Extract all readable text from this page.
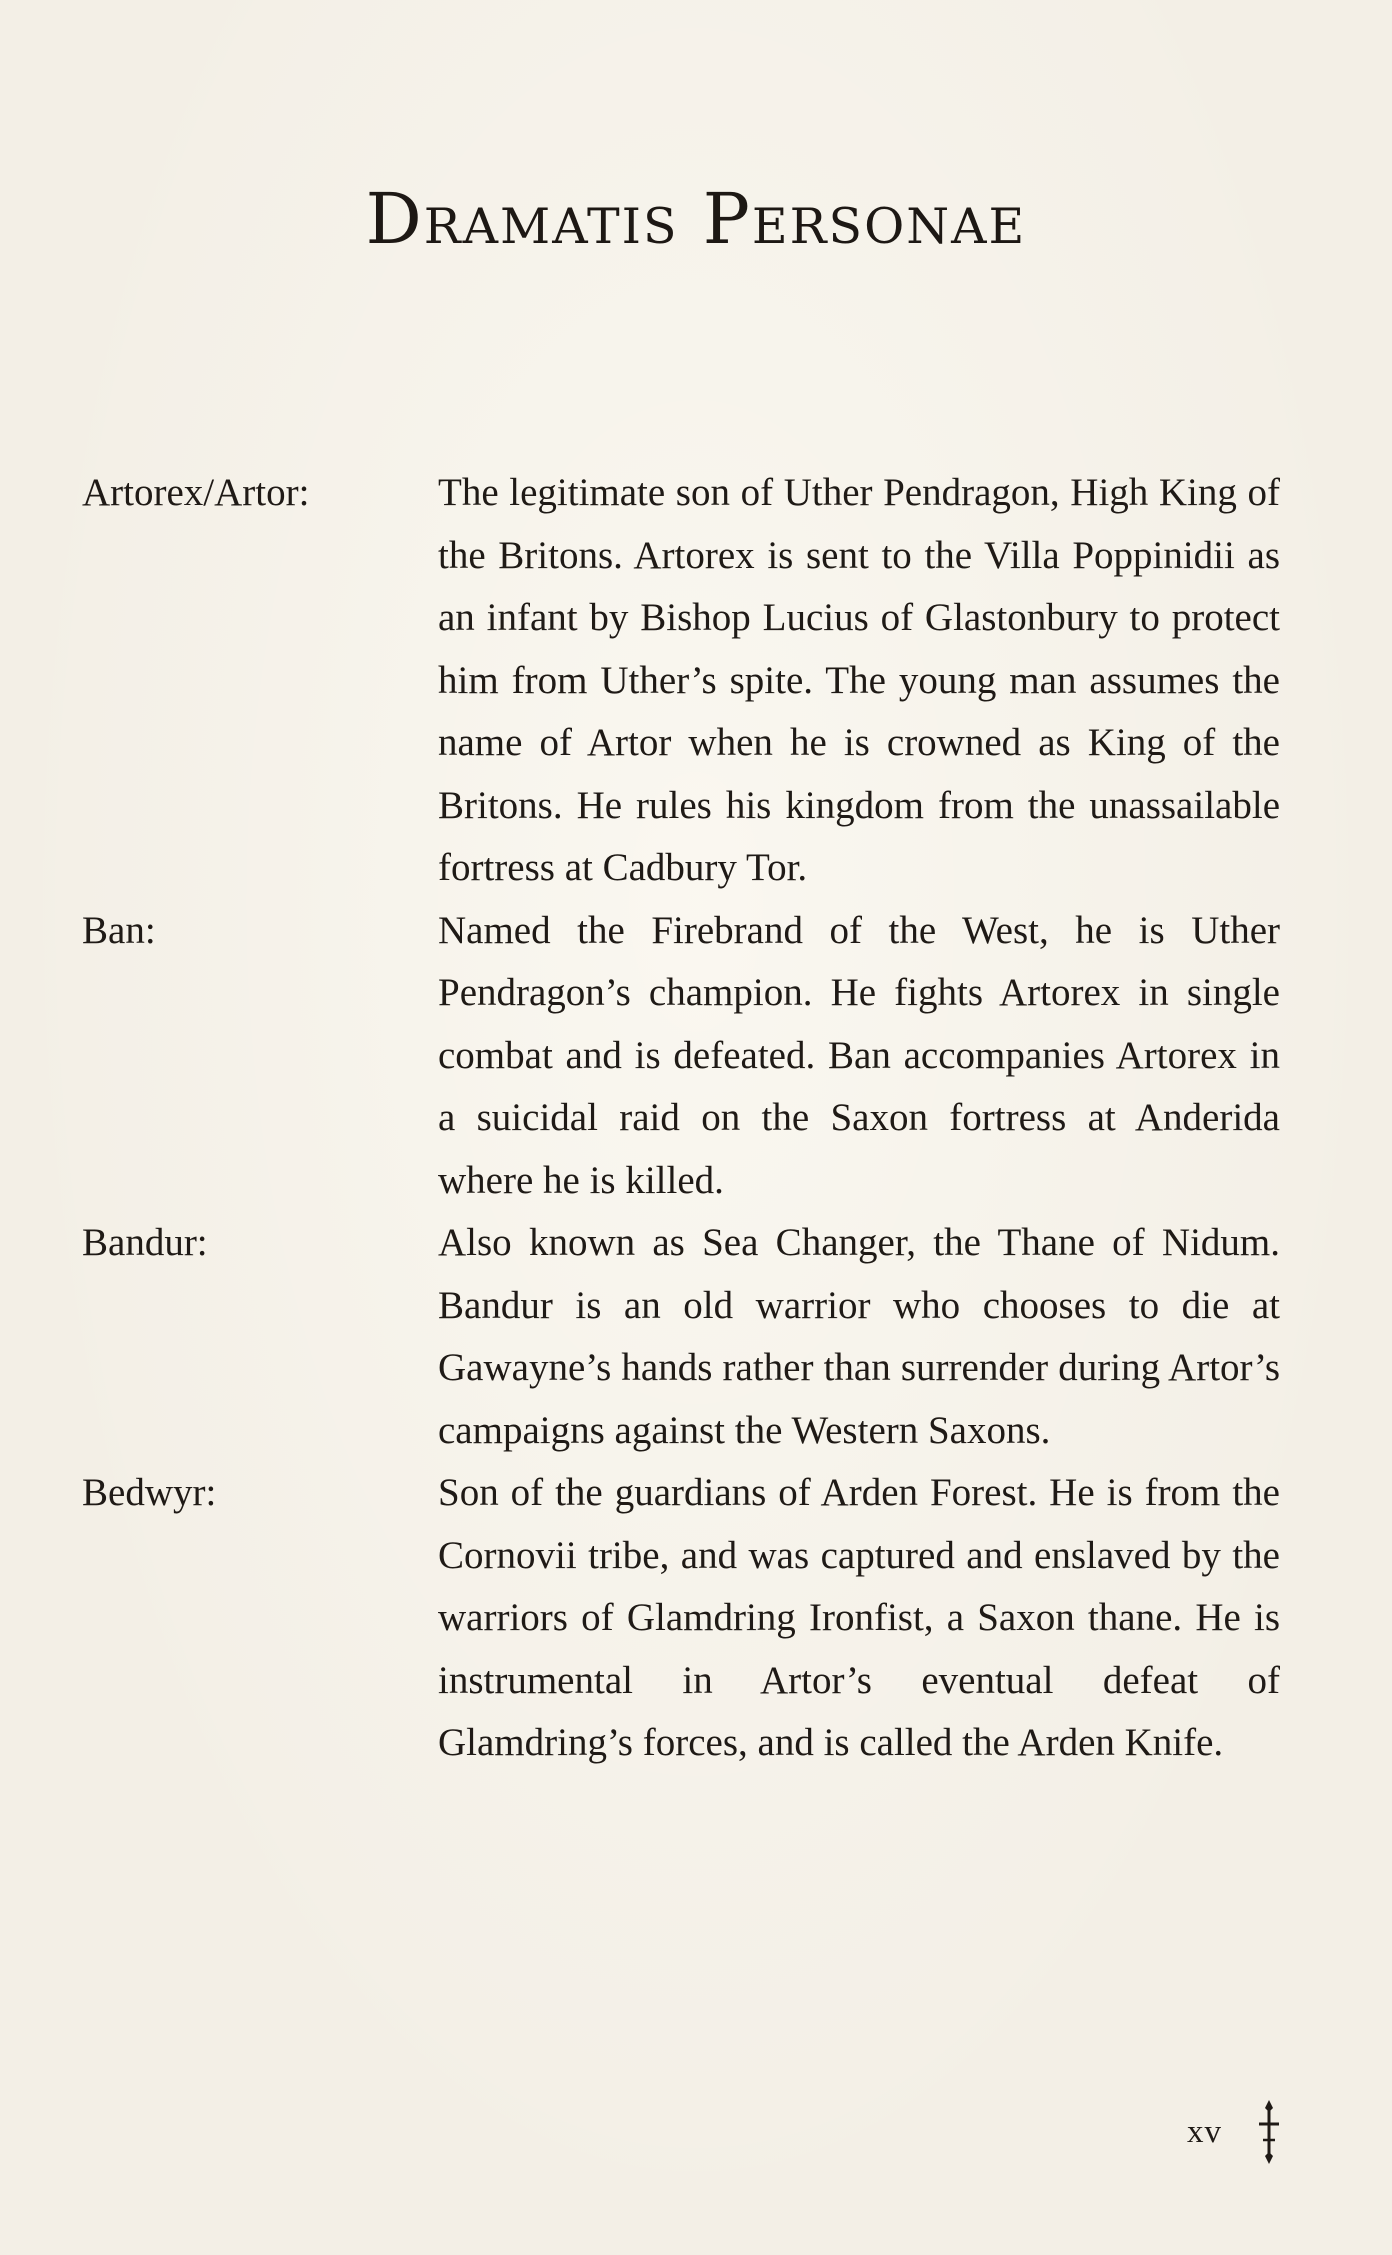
Dramatis Personae
Artorex/Artor:	The legitimate son of Uther Pendragon, High King of the Britons. Artorex is sent to the Villa Poppinidii as an infant by Bishop Lucius of Glastonbury to protect him from Uther’s spite. The young man assumes the name of Artor when he is crowned as King of the Britons. He rules his kingdom from the unassailable fortress at Cadbury Tor.
Ban:	Named the Firebrand of the West, he is Uther Pendragon’s champion. He fights Artorex in single combat and is defeated. Ban accompanies Artorex in a suicidal raid on the Saxon fortress at Anderida where he is killed.
Bandur:	Also known as Sea Changer, the Thane of Nidum. Bandur is an old warrior who chooses to die at Gawayne’s hands rather than surrender during Artor’s campaigns against the Western Saxons.
Bedwyr:	Son of the guardians of Arden Forest. He is from the Cornovii tribe, and was captured and enslaved by the warriors of Glamdring Ironfist, a Saxon thane. He is instrumental in Artor’s eventual defeat of Glamdring’s forces, and is called the Arden Knife.
xv
